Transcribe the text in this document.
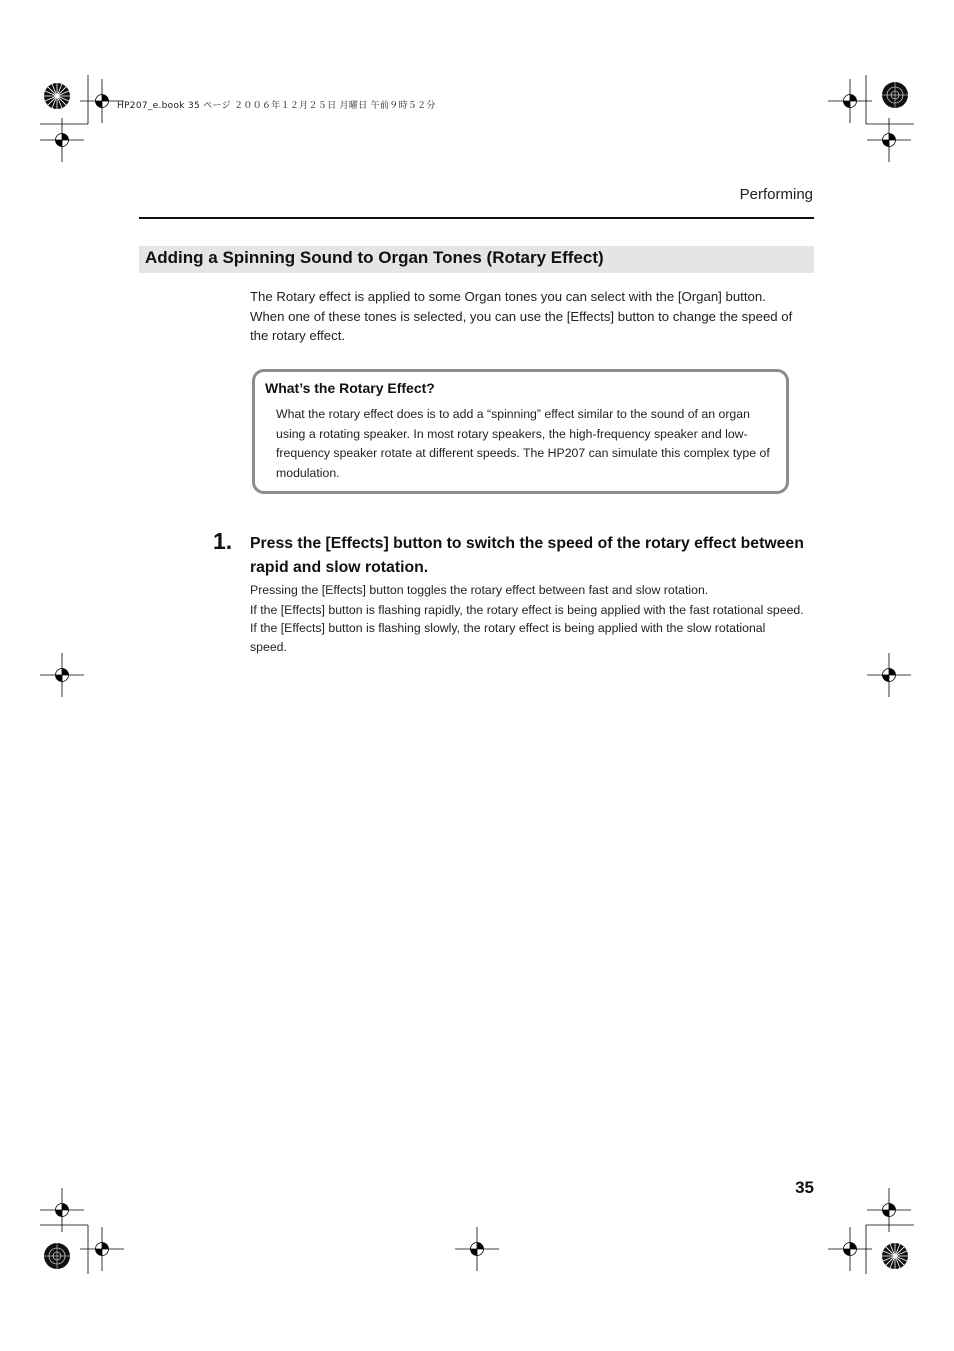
HP207_e.book 35 ページ ２００６年１２月２５日 月曜日 午前９時５２分
Performing
Adding a Spinning Sound to Organ Tones (Rotary Effect)
The Rotary effect is applied to some Organ tones you can select with the [Organ] button. When one of these tones is selected, you can use the [Effects] button to change the speed of the rotary effect.
What’s the Rotary Effect?
What the rotary effect does is to add a “spinning” effect similar to the sound of an organ using a rotating speaker. In most rotary speakers, the high-frequency speaker and low-frequency speaker rotate at different speeds. The HP207 can simulate this complex type of modulation.
1. Press the [Effects] button to switch the speed of the rotary effect between rapid and slow rotation.

Pressing the [Effects] button toggles the rotary effect between fast and slow rotation.

If the [Effects] button is flashing rapidly, the rotary effect is being applied with the fast rotational speed. If the [Effects] button is flashing slowly, the rotary effect is being applied with the slow rotational speed.

35
